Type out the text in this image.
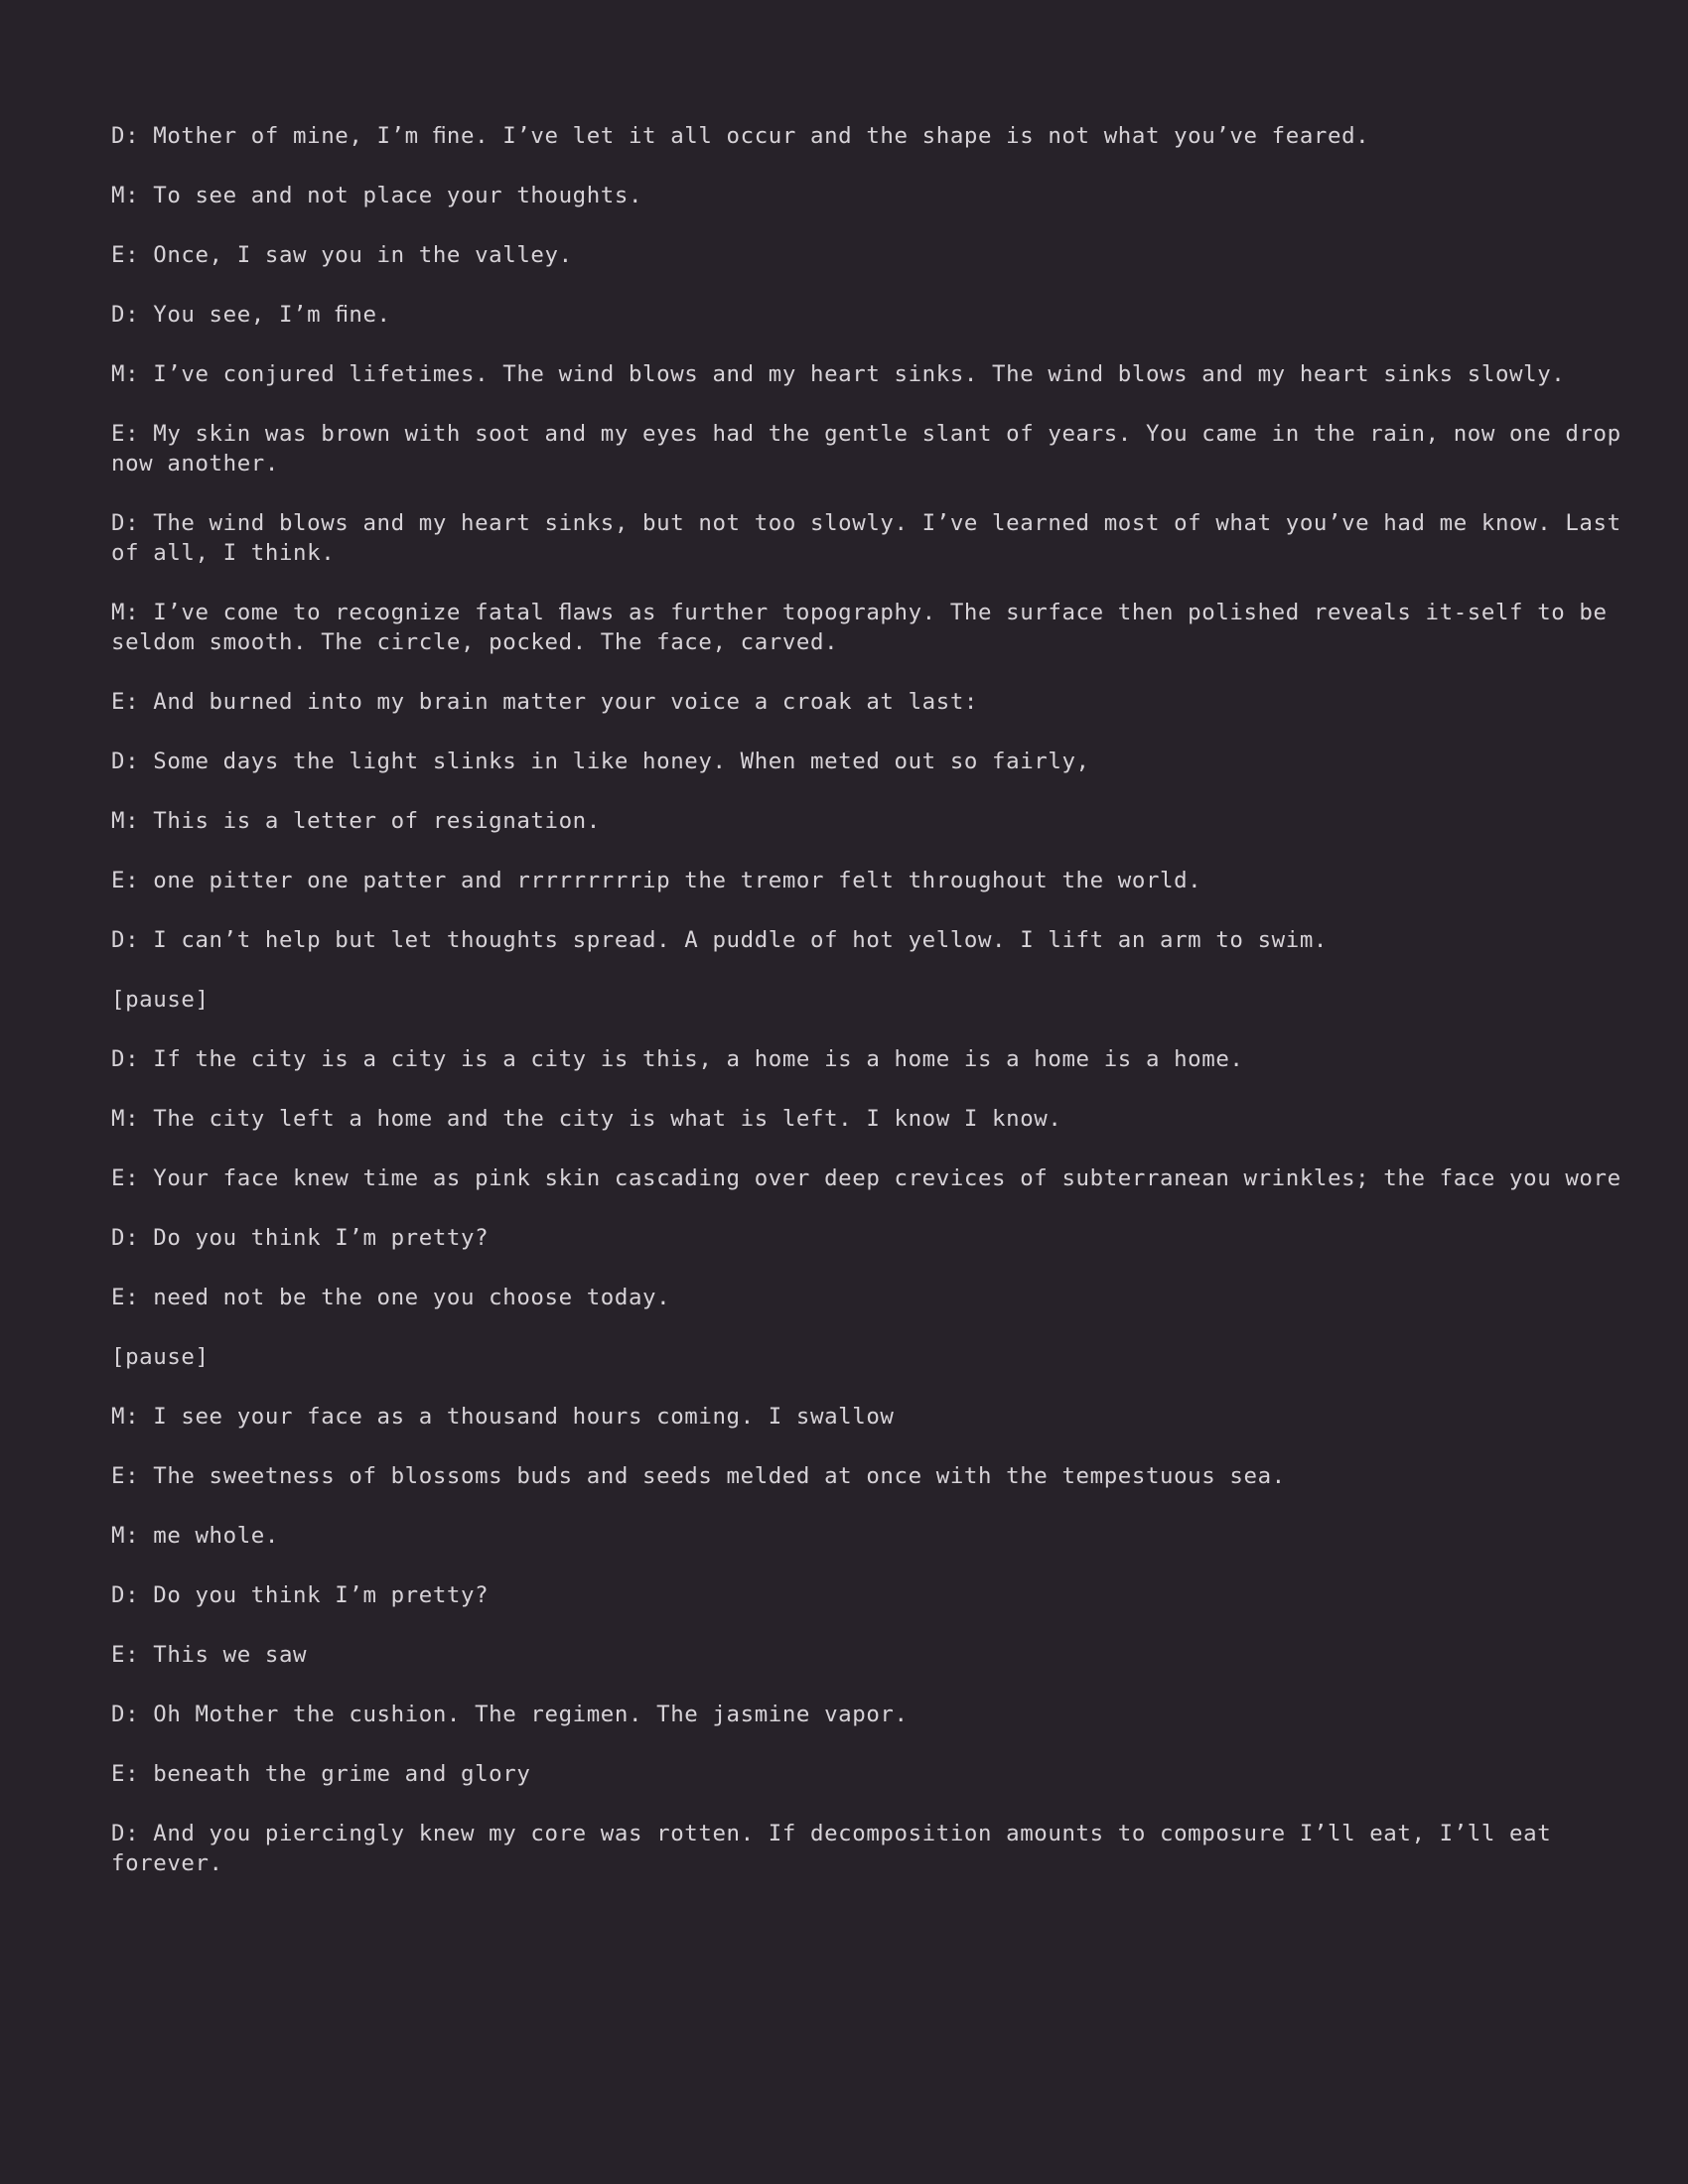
D: Mother of mine, I’m ﬁne. I’ve let it all occur and the shape is not what you’ve feared.

M: To see and not place your thoughts.

E: Once, I saw you in the valley.

D: You see, I’m ﬁne.

M: I’ve conjured lifetimes. The wind blows and my heart sinks. The wind blows and my heart sinks slowly.

E: My skin was brown with soot and my eyes had the gentle slant of years. You came in the rain, now one drop now another.

D: The wind blows and my heart sinks, but not too slowly. I’ve learned most of what you’ve had me know. Last of all, I think.

M: I’ve come to recognize fatal ﬂaws as further topography. The surface then polished reveals it-self to be seldom smooth. The circle, pocked. The face, carved.

E: And burned into my brain matter your voice a croak at last:

D: Some days the light slinks in like honey. When meted out so fairly,

M: This is a letter of resignation.

E: one pitter one patter and rrrrrrrrrip the tremor felt throughout the world.

D: I can’t help but let thoughts spread. A puddle of hot yellow. I lift an arm to swim.

[pause]

D: If the city is a city is a city is this, a home is a home is a home is a home.

M: The city left a home and the city is what is left. I know I know.

E: Your face knew time as pink skin cascading over deep crevices of subterranean wrinkles; the face you wore

D: Do you think I’m pretty?

E: need not be the one you choose today.

[pause]

M: I see your face as a thousand hours coming. I swallow

E: The sweetness of blossoms buds and seeds melded at once with the tempestuous sea.

M: me whole.

D: Do you think I’m pretty?

E: This we saw

D: Oh Mother the cushion. The regimen. The jasmine vapor.

E: beneath the grime and glory

D: And you piercingly knew my core was rotten. If decomposition amounts to composure I’ll eat, I’ll eat forever.
